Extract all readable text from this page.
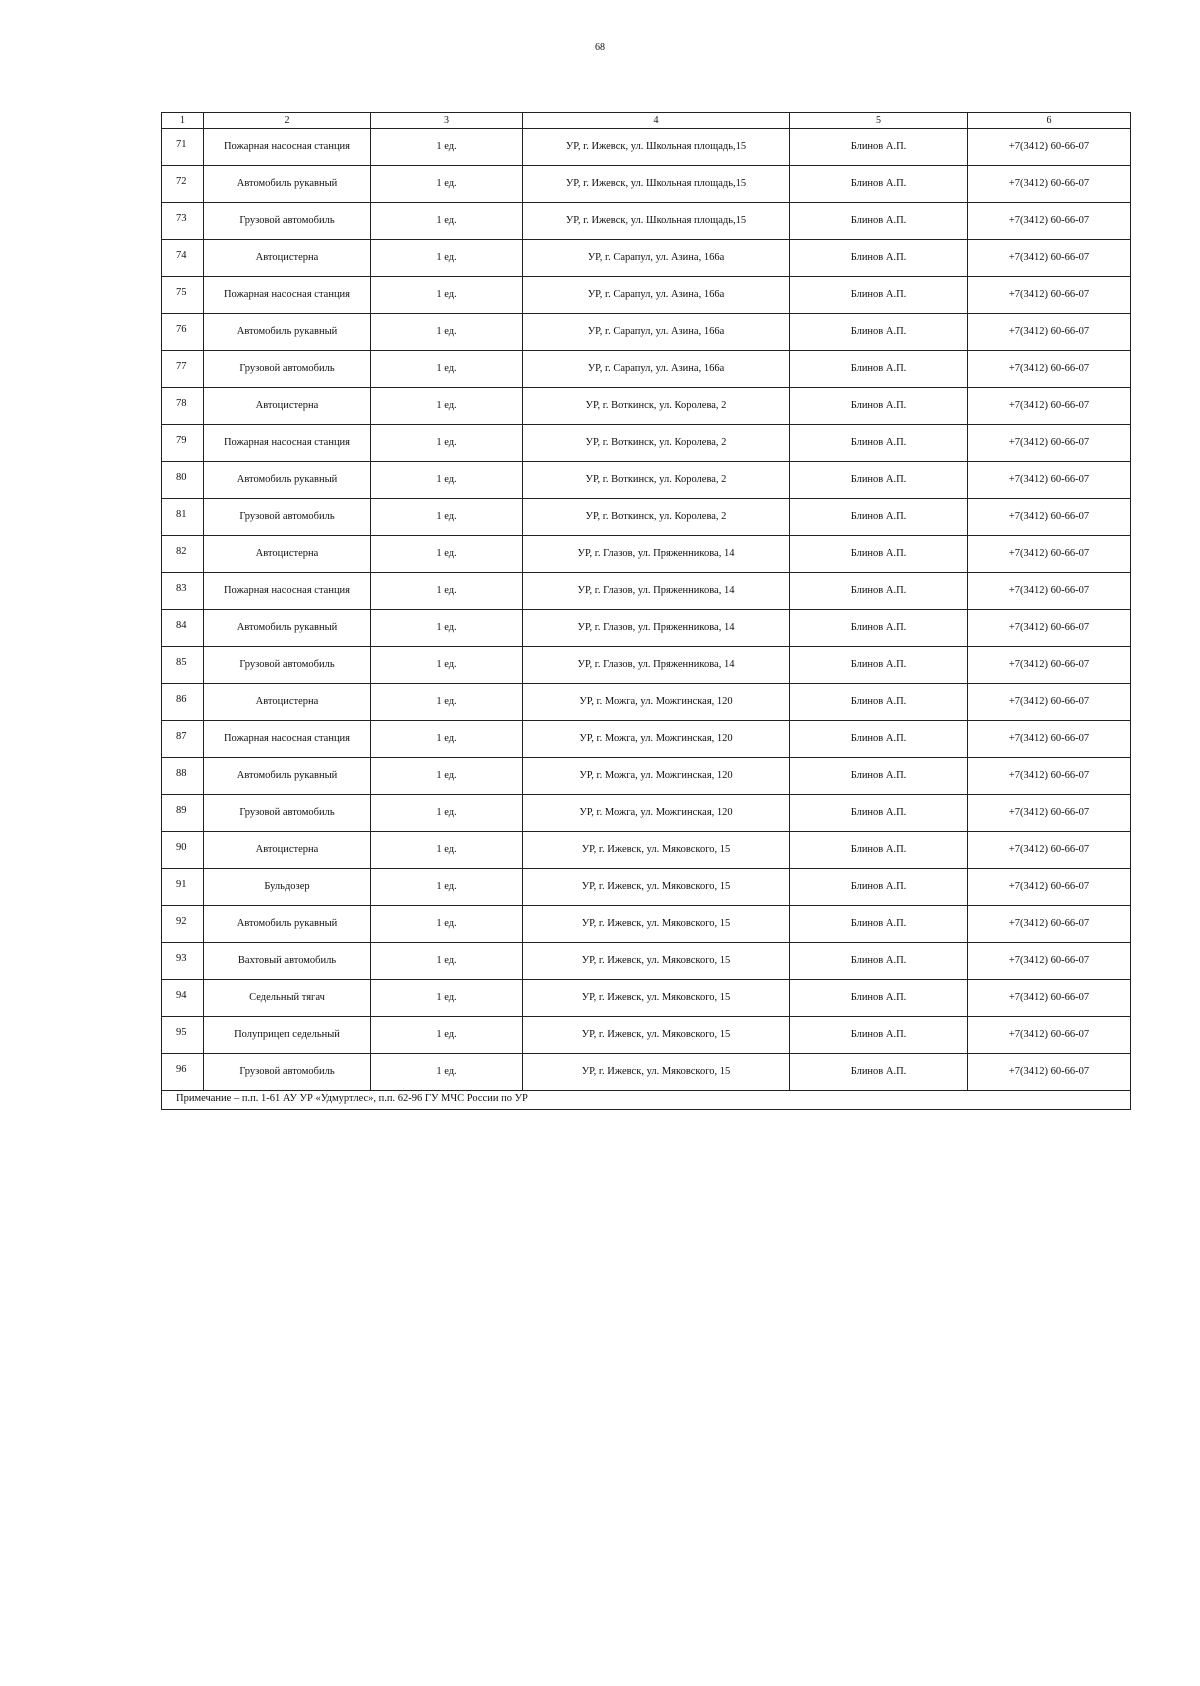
68
1	2	3	4	5	6
71	Пожарная насосная станция	1 ед.	УР, г. Ижевск, ул. Школьная площадь,15	Блинов А.П.	+7(3412) 60-66-07
72	Автомобиль рукавный	1 ед.	УР, г. Ижевск, ул. Школьная площадь,15	Блинов А.П.	+7(3412) 60-66-07
73	Грузовой автомобиль	1 ед.	УР, г. Ижевск, ул. Школьная площадь,15	Блинов А.П.	+7(3412) 60-66-07
74	Автоцистерна	1 ед.	УР, г. Сарапул, ул. Азина, 166а	Блинов А.П.	+7(3412) 60-66-07
75	Пожарная насосная станция	1 ед.	УР, г. Сарапул, ул. Азина, 166а	Блинов А.П.	+7(3412) 60-66-07
76	Автомобиль рукавный	1 ед.	УР, г. Сарапул, ул. Азина, 166а	Блинов А.П.	+7(3412) 60-66-07
77	Грузовой автомобиль	1 ед.	УР, г. Сарапул, ул. Азина, 166а	Блинов А.П.	+7(3412) 60-66-07
78	Автоцистерна	1 ед.	УР, г. Воткинск, ул. Королева, 2	Блинов А.П.	+7(3412) 60-66-07
79	Пожарная насосная станция	1 ед.	УР, г. Воткинск, ул. Королева, 2	Блинов А.П.	+7(3412) 60-66-07
80	Автомобиль рукавный	1 ед.	УР, г. Воткинск, ул. Королева, 2	Блинов А.П.	+7(3412) 60-66-07
81	Грузовой автомобиль	1 ед.	УР, г. Воткинск, ул. Королева, 2	Блинов А.П.	+7(3412) 60-66-07
82	Автоцистерна	1 ед.	УР, г. Глазов, ул. Пряженникова, 14	Блинов А.П.	+7(3412) 60-66-07
83	Пожарная насосная станция	1 ед.	УР, г. Глазов, ул. Пряженникова, 14	Блинов А.П.	+7(3412) 60-66-07
84	Автомобиль рукавный	1 ед.	УР, г. Глазов, ул. Пряженникова, 14	Блинов А.П.	+7(3412) 60-66-07
85	Грузовой автомобиль	1 ед.	УР, г. Глазов, ул. Пряженникова, 14	Блинов А.П.	+7(3412) 60-66-07
86	Автоцистерна	1 ед.	УР, г. Можга, ул. Можгинская, 120	Блинов А.П.	+7(3412) 60-66-07
87	Пожарная насосная станция	1 ед.	УР, г. Можга, ул. Можгинская, 120	Блинов А.П.	+7(3412) 60-66-07
88	Автомобиль рукавный	1 ед.	УР, г. Можга, ул. Можгинская, 120	Блинов А.П.	+7(3412) 60-66-07
89	Грузовой автомобиль	1 ед.	УР, г. Можга, ул. Можгинская, 120	Блинов А.П.	+7(3412) 60-66-07
90	Автоцистерна	1 ед.	УР, г. Ижевск, ул. Мяковского, 15	Блинов А.П.	+7(3412) 60-66-07
91	Бульдозер	1 ед.	УР, г. Ижевск, ул. Мяковского, 15	Блинов А.П.	+7(3412) 60-66-07
92	Автомобиль рукавный	1 ед.	УР, г. Ижевск, ул. Мяковского, 15	Блинов А.П.	+7(3412) 60-66-07
93	Вахтовый автомобиль	1 ед.	УР, г. Ижевск, ул. Мяковского, 15	Блинов А.П.	+7(3412) 60-66-07
94	Седельный тягач	1 ед.	УР, г. Ижевск, ул. Мяковского, 15	Блинов А.П.	+7(3412) 60-66-07
95	Полуприцеп седельный	1 ед.	УР, г. Ижевск, ул. Мяковского, 15	Блинов А.П.	+7(3412) 60-66-07
96	Грузовой автомобиль	1 ед.	УР, г. Ижевск, ул. Мяковского, 15	Блинов А.П.	+7(3412) 60-66-07
Примечание – п.п. 1-61 АУ УР «Удмуртлес», п.п. 62-96 ГУ МЧС России по УР					
